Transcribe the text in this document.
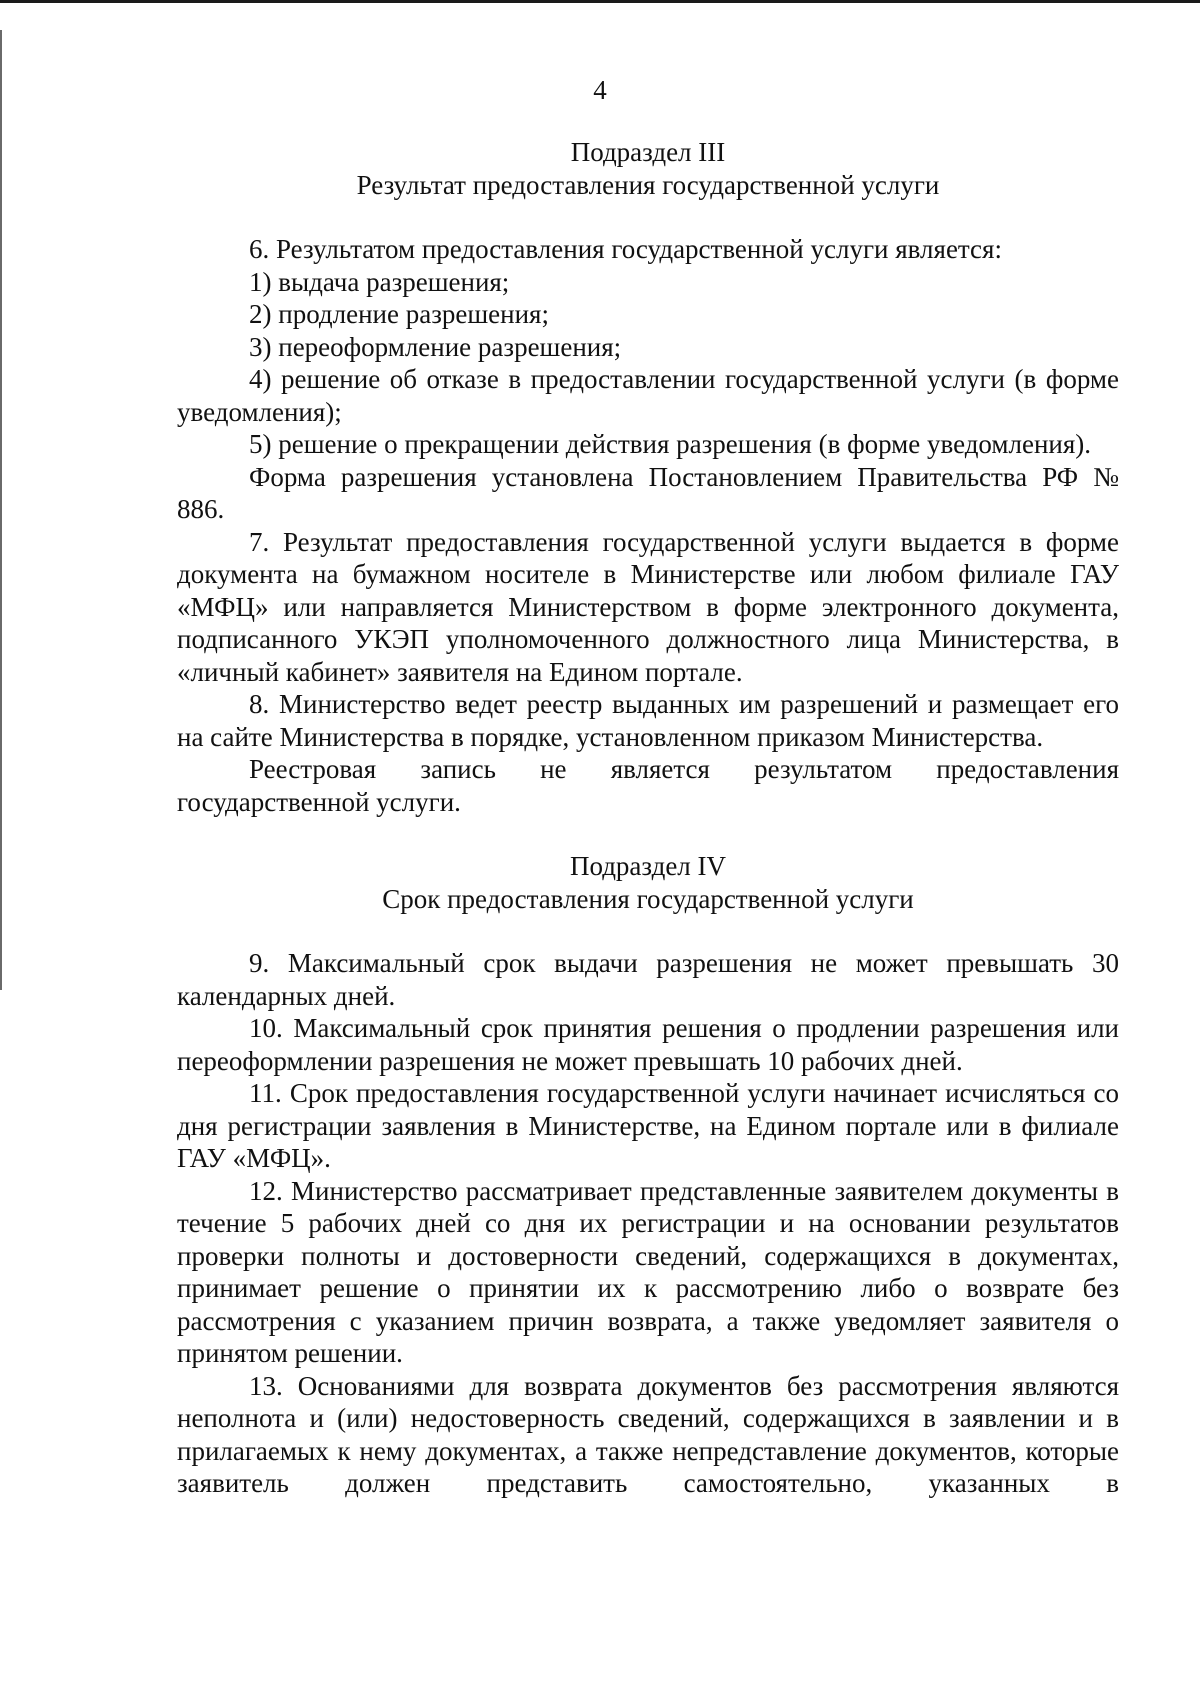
4
Подраздел III
Результат предоставления государственной услуги

6. Результатом предоставления государственной услуги является:

1) выдача разрешения;

2) продление разрешения;

3) переоформление разрешения;

4) решение об отказе в предоставлении государственной услуги (в форме уведомления);

5) решение о прекращении действия разрешения (в форме уведомления).

Форма разрешения установлена Постановлением Правительства РФ № 886.

7. Результат предоставления государственной услуги выдается в форме документа на бумажном носителе в Министерстве или любом филиале ГАУ «МФЦ» или направляется Министерством в форме электронного документа, подписанного УКЭП уполномоченного должностного лица Министерства, в «личный кабинет» заявителя на Едином портале.

8. Министерство ведет реестр выданных им разрешений и размещает его на сайте Министерства в порядке, установленном приказом Министерства.

Реестровая запись не является результатом предоставления государственной услуги.

Подраздел IV
Срок предоставления государственной услуги

9. Максимальный срок выдачи разрешения не может превышать 30 календарных дней.

10. Максимальный срок принятия решения о продлении разрешения или переоформлении разрешения не может превышать 10 рабочих дней.

11. Срок предоставления государственной услуги начинает исчисляться со дня регистрации заявления в Министерстве, на Едином портале или в филиале ГАУ «МФЦ».

12. Министерство рассматривает представленные заявителем документы в течение 5 рабочих дней со дня их регистрации и на основании результатов проверки полноты и достоверности сведений, содержащихся в документах, принимает решение о принятии их к рассмотрению либо о возврате без рассмотрения с указанием причин возврата, а также уведомляет заявителя о принятом решении.

13. Основаниями для возврата документов без рассмотрения являются неполнота и (или) недостоверность сведений, содержащихся в заявлении и в прилагаемых к нему документах, а также непредставление документов, которые заявитель должен представить самостоятельно, указанных в
